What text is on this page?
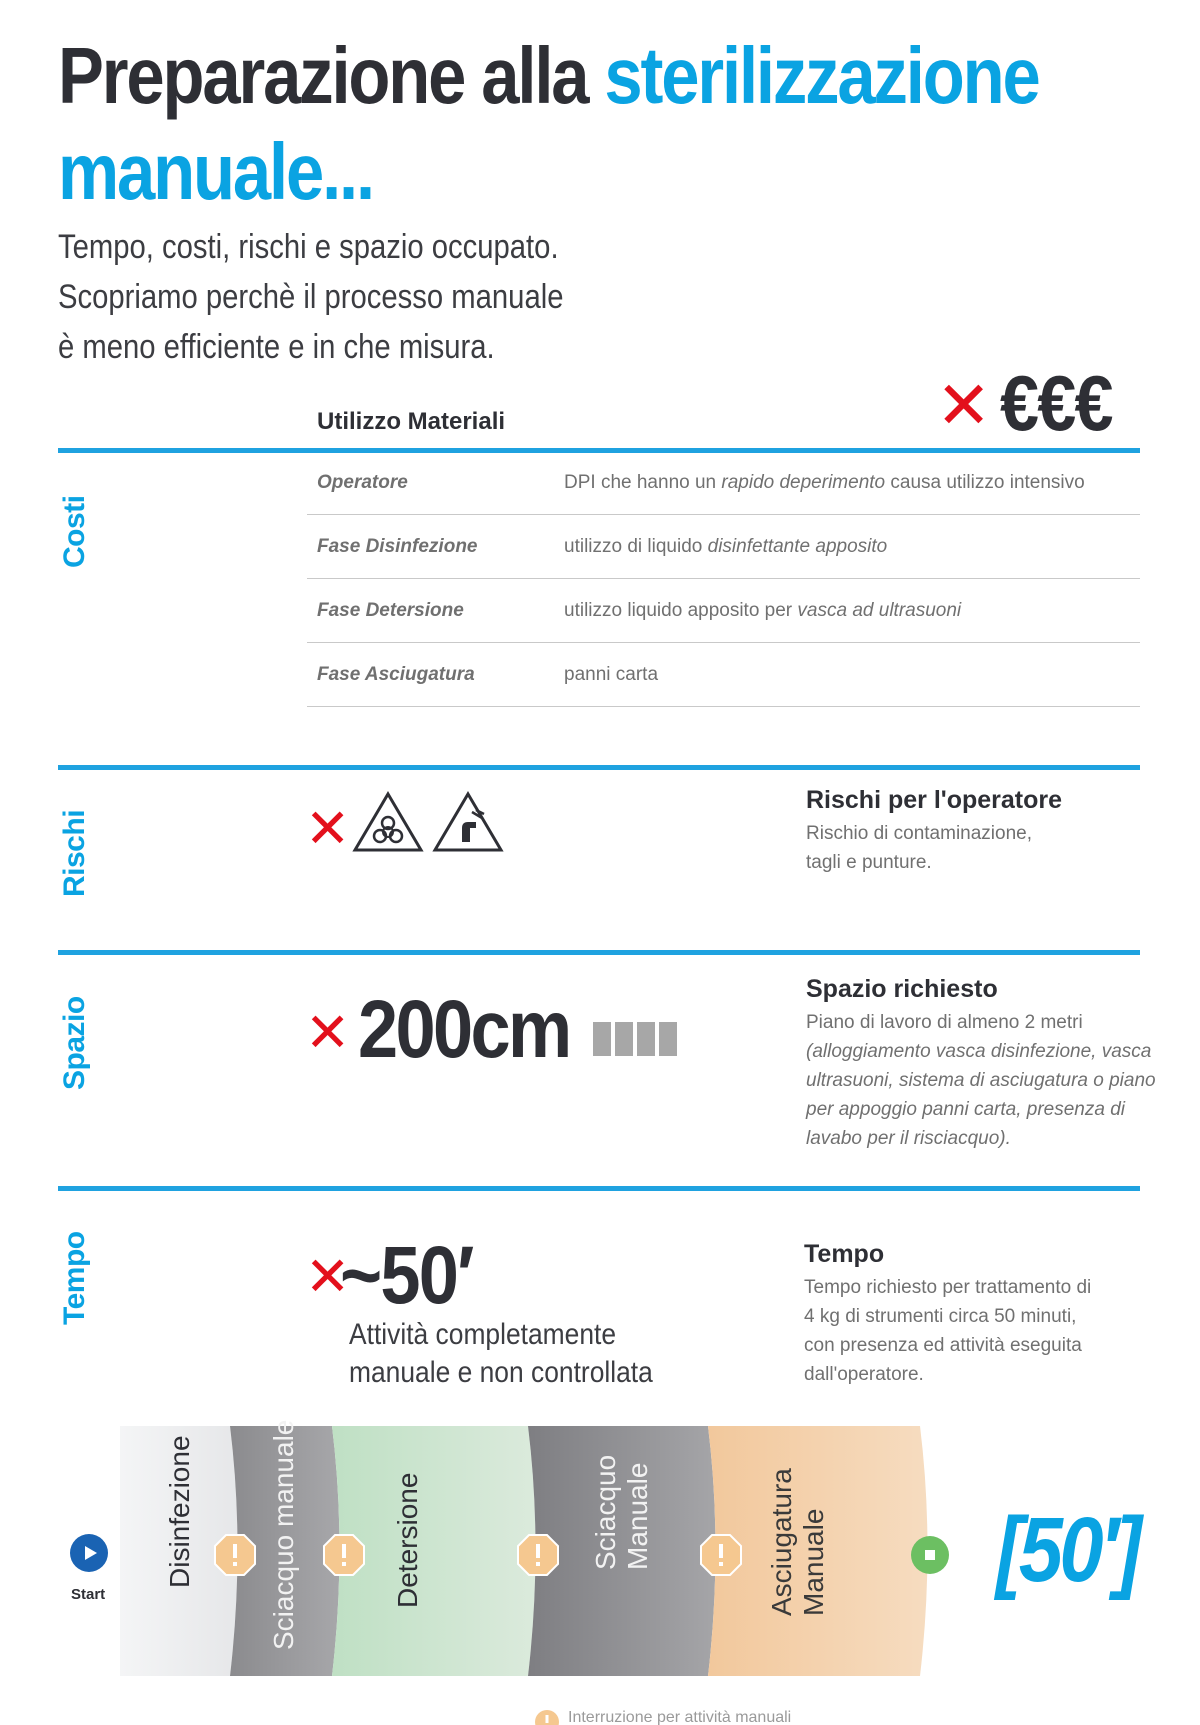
Preparazione alla sterilizzazione
manuale...
Tempo, costi, rischi e spazio occupato.
Scopriamo perchè il processo manuale
è meno efficiente e in che misura.
Utilizzo Materiali	✕ €€€
Costi
Operatore	DPI che hanno un rapido deperimento causa utilizzo intensivo
Fase Disinfezione	utilizzo di liquido disinfettante apposito
Fase Detersione	utilizzo liquido apposito per vasca ad ultrasuoni
Fase Asciugatura	panni carta
Rischi	✕	Rischi per l'operatore
Rischio di contaminazione,
tagli e punture.
Spazio	✕ 200cm	Spazio richiesto
Piano di lavoro di almeno 2 metri
(alloggiamento vasca disinfezione, vasca
ultrasuoni, sistema di asciugatura o piano
per appoggio panni carta, presenza di
lavabo per il risciacquo).
Tempo	✕
~50′
Attività completamente
manuale e non controllata
Tempo
Tempo richiesto per trattamento di
4 kg di strumenti circa 50 minuti,
con presenza ed attività eseguita
dall'operatore.
Disinfezione	Sciacquo manuale	Detersione	Sciacquo
Manuale	Asciugatura
Manuale
Start	[50′]
Interruzione per attività manuali
